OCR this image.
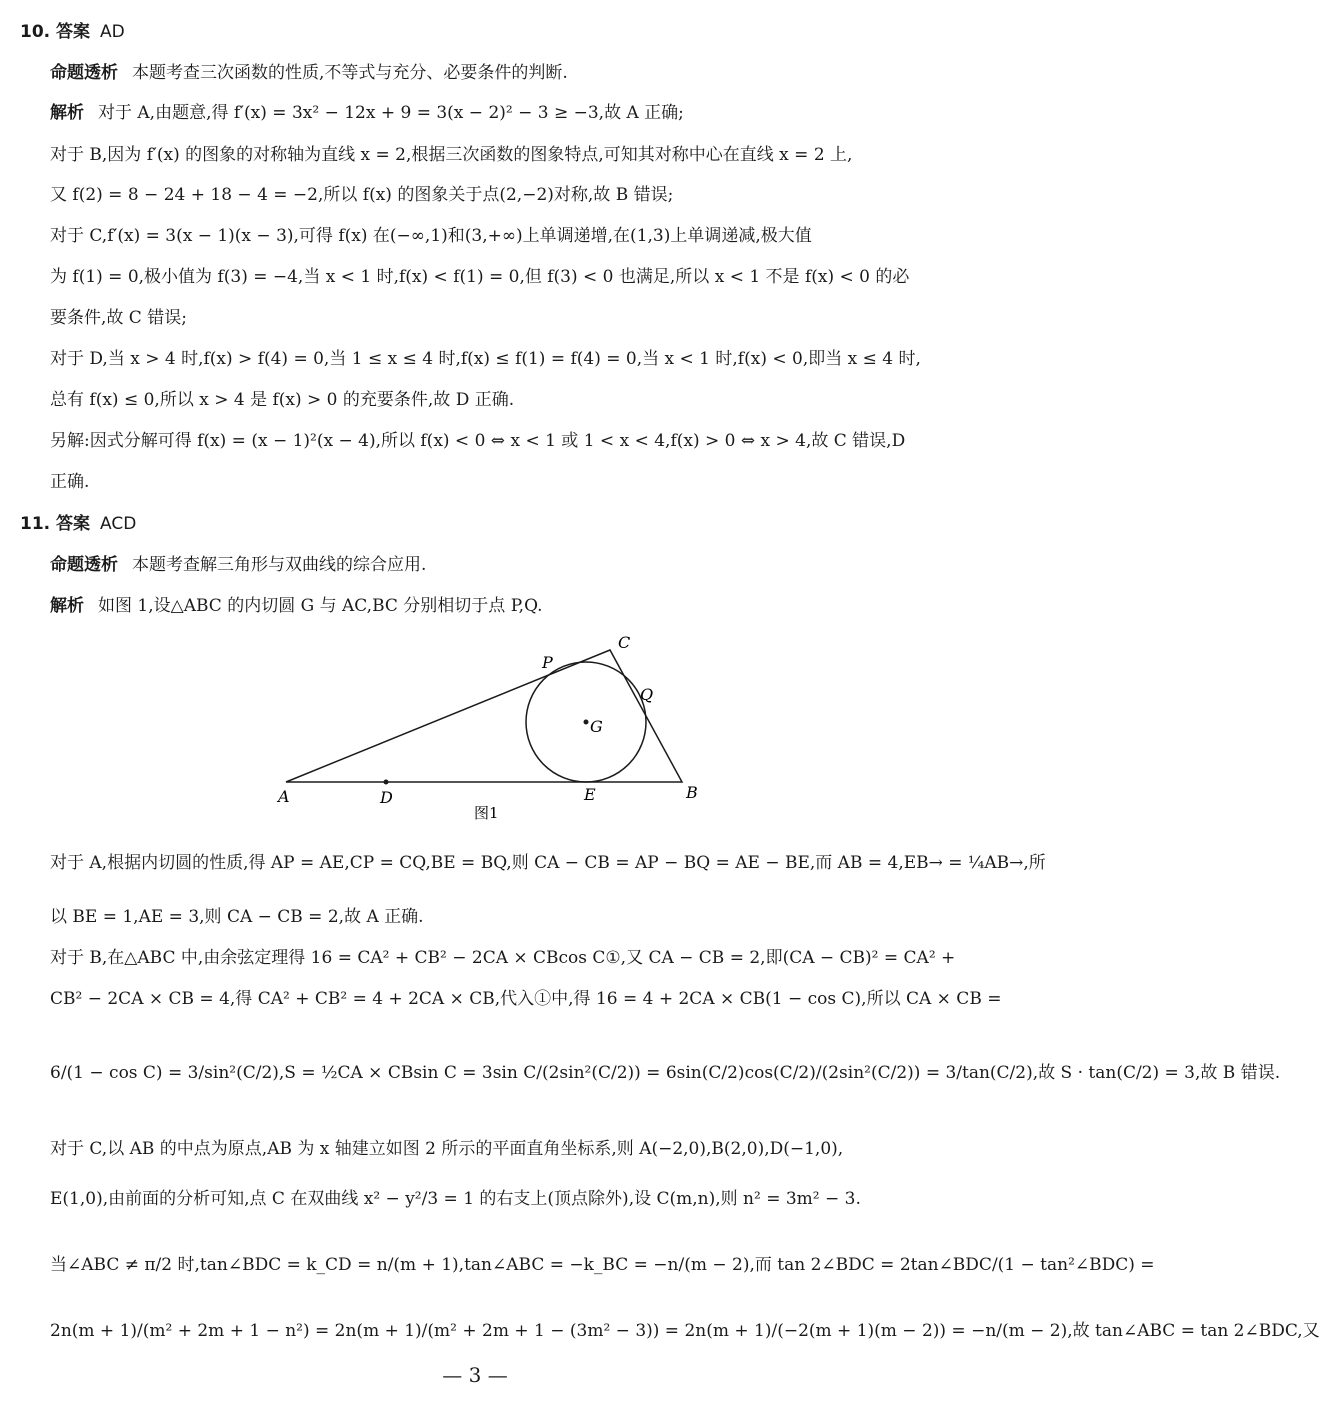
10. 答案 AD
命题透析 本题考查三次函数的性质,不等式与充分、必要条件的判断.
解析 对于 A,由题意,得 f′(x) = 3x² − 12x + 9 = 3(x − 2)² − 3 ≥ −3,故 A 正确;
对于 B,因为 f′(x) 的图象的对称轴为直线 x = 2,根据三次函数的图象特点,可知其对称中心在直线 x = 2 上,
又 f(2) = 8 − 24 + 18 − 4 = −2,所以 f(x) 的图象关于点(2,−2)对称,故 B 错误;
对于 C,f′(x) = 3(x − 1)(x − 3),可得 f(x) 在(−∞,1)和(3,+∞)上单调递增,在(1,3)上单调递减,极大值
为 f(1) = 0,极小值为 f(3) = −4,当 x < 1 时,f(x) < f(1) = 0,但 f(3) < 0 也满足,所以 x < 1 不是 f(x) < 0 的必
要条件,故 C 错误;
对于 D,当 x > 4 时,f(x) > f(4) = 0,当 1 ≤ x ≤ 4 时,f(x) ≤ f(1) = f(4) = 0,当 x < 1 时,f(x) < 0,即当 x ≤ 4 时,
总有 f(x) ≤ 0,所以 x > 4 是 f(x) > 0 的充要条件,故 D 正确.
另解:因式分解可得 f(x) = (x − 1)²(x − 4),所以 f(x) < 0 ⇔ x < 1 或 1 < x < 4,f(x) > 0 ⇔ x > 4,故 C 错误,D
正确.
11. 答案 ACD
命题透析 本题考查解三角形与双曲线的综合应用.
解析 如图 1,设△ABC 的内切圆 G 与 AC,BC 分别相切于点 P,Q.
A	B
C
D	E
P
Q
G
图1
对于 A,根据内切圆的性质,得 AP = AE,CP = CQ,BE = BQ,则 CA − CB = AP − BQ = AE − BE,而 AB = 4,EB→ = ¼AB→,所
以 BE = 1,AE = 3,则 CA − CB = 2,故 A 正确.
对于 B,在△ABC 中,由余弦定理得 16 = CA² + CB² − 2CA × CBcos C①,又 CA − CB = 2,即(CA − CB)² = CA² +
CB² − 2CA × CB = 4,得 CA² + CB² = 4 + 2CA × CB,代入①中,得 16 = 4 + 2CA × CB(1 − cos C),所以 CA × CB =
6/(1 − cos C) = 3/sin²(C/2),S = ½CA × CBsin C = 3sin C/(2sin²(C/2)) = 6sin(C/2)cos(C/2)/(2sin²(C/2)) = 3/tan(C/2),故 S · tan(C/2) = 3,故 B 错误.
对于 C,以 AB 的中点为原点,AB 为 x 轴建立如图 2 所示的平面直角坐标系,则 A(−2,0),B(2,0),D(−1,0),
E(1,0),由前面的分析可知,点 C 在双曲线 x² − y²/3 = 1 的右支上(顶点除外),设 C(m,n),则 n² = 3m² − 3.
当∠ABC ≠ π/2 时,tan∠BDC = k_CD = n/(m + 1),tan∠ABC = −k_BC = −n/(m − 2),而 tan 2∠BDC = 2tan∠BDC/(1 − tan²∠BDC) =
2n(m + 1)/(m² + 2m + 1 − n²) = 2n(m + 1)/(m² + 2m + 1 − (3m² − 3)) = 2n(m + 1)/(−2(m + 1)(m − 2)) = −n/(m − 2),故 tan∠ABC = tan 2∠BDC,又
— 3 —
